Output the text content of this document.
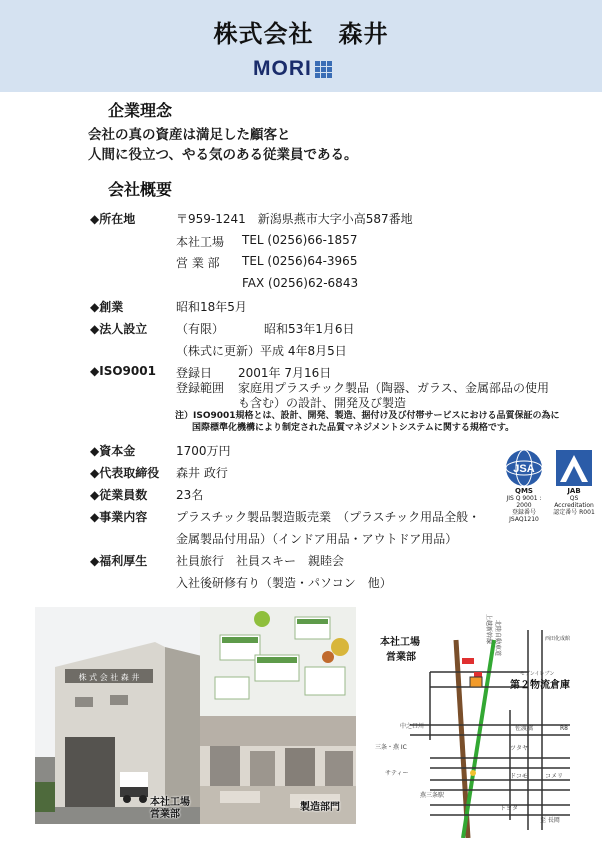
株式会社　森井
MORI
企業理念
会社の真の資産は満足した顧客と
人間に役立つ、やる気のある従業員である。
会社概要
◆所在地	〒959-1241　新潟県燕市大字小高587番地
本社工場 TEL (0256)66-1857
営 業 部 TEL (0256)64-3965
FAX (0256)62-6843
◆創業	昭和18年5月
◆法人設立 （有限）	昭和53年1月6日
（株式に更新）平成 4年8月5日
◆ISO9001 登録日 2001年 7月16日
登録範囲 家庭用プラスチック製品（陶器、ガラス、金属部品の使用
も含む）の設計、開発及び製造
注）ISO9001規格とは、設計、開発、製造、据付け及び付帯サービスにおける品質保証の為に
国際標準化機構により制定された品質マネジメントシステムに関する規格です。
◆資本金	1700万円
◆代表取締役 森井 政行
◆従業員数 23名
◆事業内容 プラスチック製品製造販売業　（プラスチック用品全般・
金属製品付用品）（インドア用品・アウトドア用品）
◆福利厚生 社員旅行　社員スキー　親睦会
入社後研修有り（製造・パソコン　他）
JSA
QMS
JIS Q 9001 : 2000
登録番号 JSAQ1210
JAB
QS Accreditation
認定番号 R001
株 式 会 社 森 井
本社工場
営業部
製造部門
北陸自動車道
上越新幹線
本社工場
営業部
西田化成館
セブンイレブン
第２物流倉庫
中之口川	佐渡橋	R8
三条・燕 IC	ツタヤ
サティー	ドコモ	コメリ
燕三条駅
トヨタ
至 長岡
